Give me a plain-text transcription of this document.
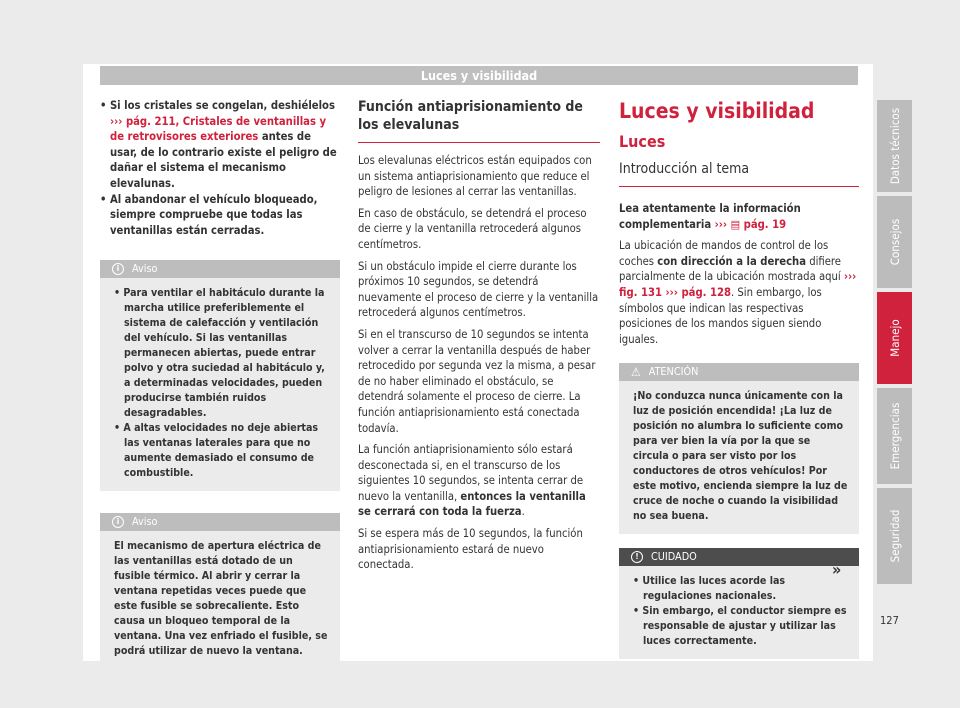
Luces y visibilidad
• Si los cristales se congelan, deshiélelos ››› pág. 211, Cristales de ventanillas y de retrovisores exteriores antes de usar, de lo contrario existe el peligro de dañar el sistema el mecanismo elevalunas.
• Al abandonar el vehículo bloqueado, siempre compruebe que todas las ventanillas están cerradas.
i	Aviso
• Para ventilar el habitáculo durante la marcha utilice preferiblemente el sistema de calefacción y ventilación del vehículo. Si las ventanillas permanecen abiertas, puede entrar polvo y otra suciedad al habitáculo y, a determinadas velocidades, pueden producirse también ruidos desagradables.
• A altas velocidades no deje abiertas las ventanas laterales para que no aumente demasiado el consumo de combustible.
i	Aviso
El mecanismo de apertura eléctrica de las ventanillas está dotado de un fusible térmico. Al abrir y cerrar la ventana repetidas veces puede que este fusible se sobrecaliente. Esto causa un bloqueo temporal de la ventana. Una vez enfriado el fusible, se podrá utilizar de nuevo la ventana.
Función antiaprisionamiento de los elevalunas

Los elevalunas eléctricos están equipados con un sistema antiaprisionamiento que reduce el peligro de lesiones al cerrar las ventanillas.

En caso de obstáculo, se detendrá el proceso de cierre y la ventanilla retrocederá algunos centímetros.

Si un obstáculo impide el cierre durante los próximos 10 segundos, se detendrá nuevamente el proceso de cierre y la ventanilla retrocederá algunos centímetros.

Si en el transcurso de 10 segundos se intenta volver a cerrar la ventanilla después de haber retrocedido por segunda vez la misma, a pesar de no haber eliminado el obstáculo, se detendrá solamente el proceso de cierre. La función antiaprisionamiento está conectada todavía.

La función antiaprisionamiento sólo estará desconectada si, en el transcurso de los siguientes 10 segundos, se intenta cerrar de nuevo la ventanilla, entonces la ventanilla se cerrará con toda la fuerza.

Si se espera más de 10 segundos, la función antiaprisionamiento estará de nuevo conectada.

Luces y visibilidad
Luces
Introducción al tema

Lea atentamente la información complementaria ››› ▤ pág. 19

La ubicación de mandos de control de los coches con dirección a la derecha difiere parcialmente de la ubicación mostrada aquí ››› fig. 131 ››› pág. 128. Sin embargo, los símbolos que indican las respectivas posiciones de los mandos siguen siendo iguales.

⚠ ATENCIÓN
¡No conduzca nunca únicamente con la luz de posición encendida! ¡La luz de posición no alumbra lo suficiente como para ver bien la vía por la que se circula o para ser visto por los conductores de otros vehículos! Por este motivo, encienda siempre la luz de cruce de noche o cuando la visibilidad no sea buena.
!	CUIDADO
• Utilice las luces acorde las regulaciones nacionales.
• Sin embargo, el conductor siempre es responsable de ajustar y utilizar las luces correctamente.
»
Datos técnicos
Consejos
Manejo
Emergencias
Seguridad
127
